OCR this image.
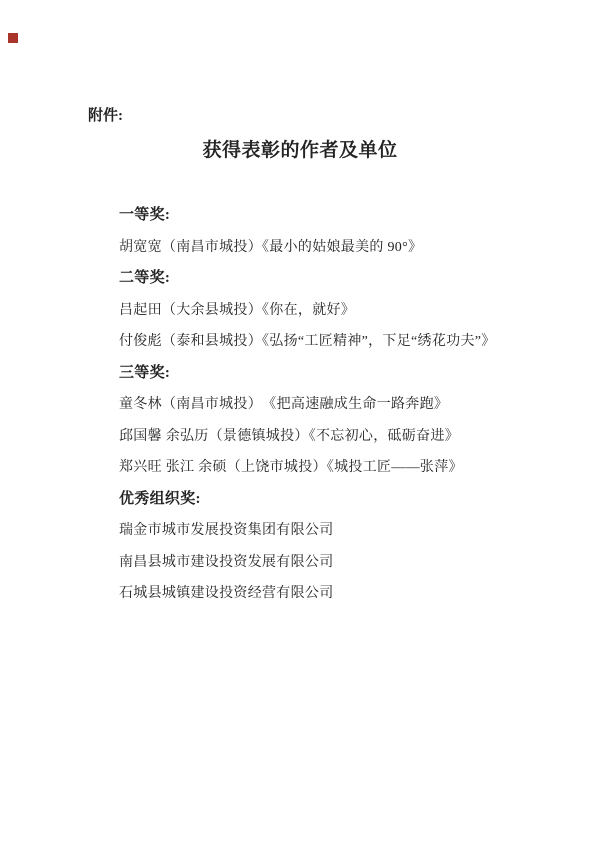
附件:
获得表彰的作者及单位
一等奖:
胡宽宽（南昌市城投）《最小的姑娘最美的 90°》
二等奖:
吕起田（大余县城投）《你在，就好》
付俊彪（泰和县城投）《弘扬“工匠精神”，下足“绣花功夫”》
三等奖:
童冬林（南昌市城投）　《把高速融成生命一路奔跑》
邱国馨 余弘历（景德镇城投）《不忘初心，砥砺奋进》
郑兴旺 张江 余硕（上饶市城投）《城投工匠——张萍》
优秀组织奖:
瑞金市城市发展投资集团有限公司
南昌县城市建设投资发展有限公司
石城县城镇建设投资经营有限公司
